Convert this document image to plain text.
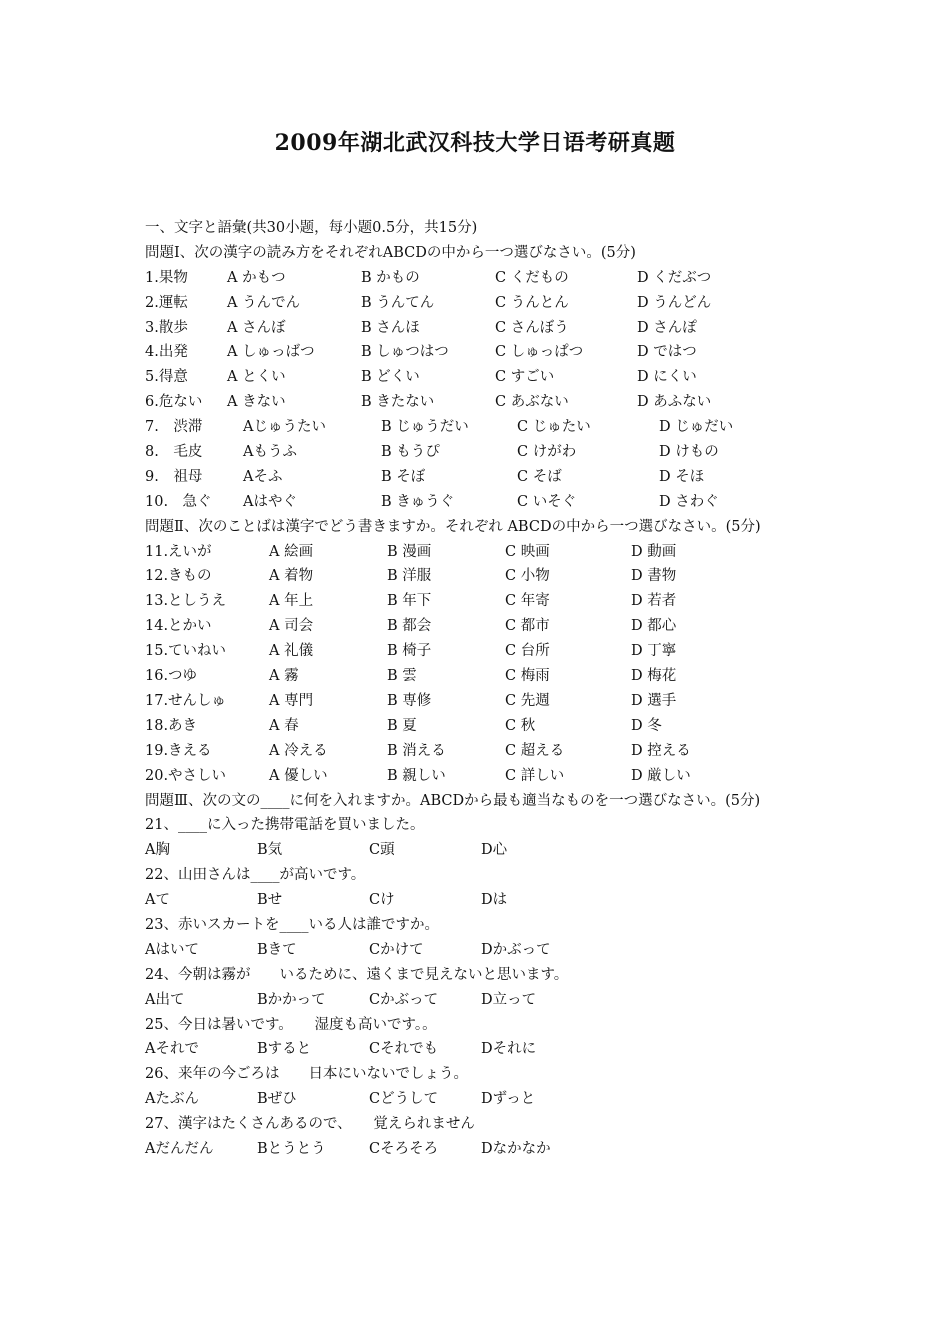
2009年湖北武汉科技大学日语考研真题
一、文字と語彙(共30小题，每小题0.5分，共15分)
問題Ⅰ、次の漢字の読み方をそれぞれABCDの中から一つ選びなさい。(5分)
1.果物	A かもつ	B かもの	C くだもの	D くだぶつ
2.運転	A うんでん	B うんてん	C うんとん	D うんどん
3.散歩	A さんぼ	B さんほ	C さんぼう	D さんぽ
4.出発	A しゅっばつ	B しゅつはつ	C しゅっぱつ	D ではつ
5.得意	A とくい	B どくい	C すごい	D にくい
6.危ない	A きない	B きたない	C あぶない	D あふない
7.　渋滞	Aじゅうたい	B じゅうだい	C じゅたい	D じゅだい
8.　毛皮	Aもうふ	B もうぴ	C けがわ	D けもの
9.　祖母	Aそふ	B そぼ	C そば	D そほ
10.　急ぐ	Aはやぐ	B きゅうぐ	C いそぐ	D さわぐ
問題Ⅱ、次のことばは漢字でどう書きますか。それぞれ ABCDの中から一つ選びなさい。(5分)
11.えいが	A 絵画	B 漫画	C 映画	D 動画
12.きもの	A 着物	B 洋服	C 小物	D 書物
13.としうえ	A 年上	B 年下	C 年寄	D 若者
14.とかい	A 司会	B 都会	C 都市	D 都心
15.ていねい	A 礼儀	B 椅子	C 台所	D 丁寧
16.つゆ	A 霧	B 雲	C 梅雨	D 梅花
17.せんしゅ	A 専門	B 専修	C 先週	D 選手
18.あき	A 春	B 夏	C 秋	D 冬
19.きえる	A 冷える	B 消える	C 超える	D 控える
20.やさしい	A 優しい	B 親しい	C 詳しい	D 厳しい
問題Ⅲ、次の文の____に何を入れますか。ABCDから最も適当なものを一つ選びなさい。(5分)
21、____に入った携帯電話を買いました。
A胸	B気	C頭	D心
22、山田さんは____が高いです。
Aて	Bせ	Cけ	Dは
23、赤いスカートを____いる人は誰ですか。
Aはいて	Bきて	Cかけて	Dかぶって
24、今朝は霧が　　いるために、遠くまで見えないと思います。
A出て	Bかかって	Cかぶって	D立って
25、今日は暑いです。　　湿度も高いです。。
Aそれで	Bすると	Cそれでも	Dそれに
26、来年の今ごろは　　日本にいないでしょう。
Aたぶん	Bぜひ	Cどうして	Dずっと
27、漢字はたくさんあるので、　　覚えられません
Aだんだん	Bとうとう	Cそろそろ	Dなかなか
